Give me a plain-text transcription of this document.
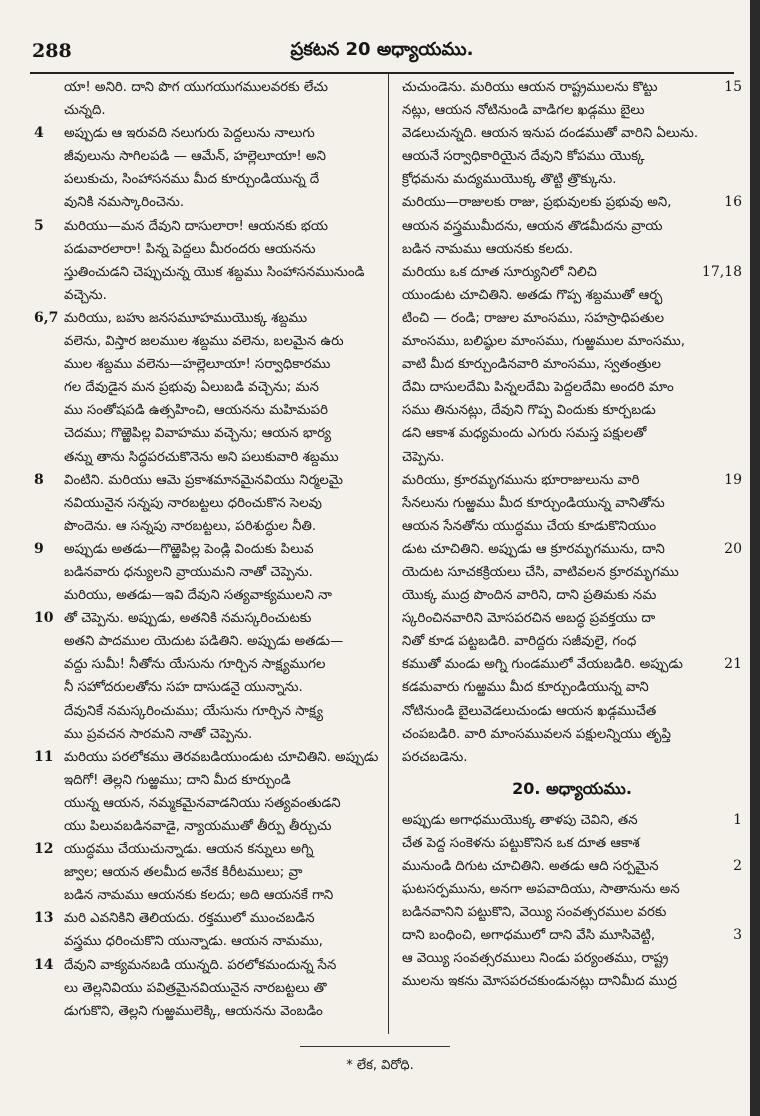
288	ప్రకటన 20 అధ్యాయము.
యా! అనిరి. దాని పొగ యుగయుగములవరకు లేచు
చున్నది.
4	అప్పుడు ఆ ఇరువది నలుగురు పెద్దలును నాలుగు
జీవులును సాగిలపడి — ఆమేన్, హల్లెలూయా! అని
పలుకుచు, సింహాసనము మీద కూర్చుండియున్న దే
వునికి నమస్కారించెను.
5	మరియు—మన దేవుని దాసులారా! ఆయనకు భయ
పడువారలారా! పిన్న పెద్దలు మీరందరు ఆయనను
స్తుతించుడని చెప్పుచున్న యొక శబ్దము సింహాసనమునుండి
వచ్చెను.
6,7 మరియు, బహు జనసమూహముయొక్క శబ్దము
వలెను, విస్తార జలముల శబ్దము వలెను, బలమైన ఉరు
ముల శబ్దము వలెను—హల్లెలూయా! సర్వాధికారము
గల దేవుడైన మన ప్రభువు ఏలుబడి వచ్చెను; మన
ము సంతోషపడి ఉత్సహించి, ఆయనను మహిమపరి
చెదము; గొఱ్ఱెపిల్ల వివాహము వచ్చెను; ఆయన భార్య
తన్ను తాను సిద్ధపరచుకొనెను అని పలుకువారి శబ్దము
8	వింటిని. మరియు ఆమె ప్రకాశమానమైనవియు నిర్మలమై
నవియునైన సన్నపు నారబట్టలు ధరించుకొన సెలవు
పొందెను. ఆ సన్నపు నారబట్టలు, పరిశుద్ధుల నీతి.
9	అప్పుడు అతడు—గొఱ్ఱెపిల్ల పెండ్లి విందుకు పిలువ
బడినవారు ధన్యులని వ్రాయుమని నాతో చెప్పెను.
మరియు, అతడు—ఇవి దేవుని సత్యవాక్యములని నా
10 తో చెప్పెను. అప్పుడు, అతనికి నమస్కరించుటకు
అతని పాదముల యెదుట పడితిని. అప్పుడు అతడు—
వద్దు సుమీ! నీతోను యేసును గూర్చిన సాక్ష్యముగల
నీ సహోదరులతోను సహ దాసుడనై యున్నాను.
దేవునికే నమస్కరించుము; యేసును గూర్చిన సాక్ష్య
ము ప్రవచన సారమని నాతో చెప్పెను.
11 మరియు పరలోకము తెరవబడియుండుట చూచితిని. అప్పుడు
ఇదిగో! తెల్లని గుఱ్ఱము; దాని మీద కూర్చుండి
యున్న ఆయన, నమ్మకమైనవాడనియు సత్యవంతుడని
యు పిలువబడినవాడై, న్యాయముతో తీర్పు తీర్చుచు
12 యుద్ధము చేయుచున్నాడు. ఆయన కన్నులు అగ్ని
జ్వాల; ఆయన తలమీద అనేక కిరీటములు; వ్రా
బడిన నామము ఆయనకు కలదు; అది ఆయనకే గాని
13 మరి ఎవనికిని తెలియదు. రక్తములో ముంచబడిన
వస్త్రము ధరించుకొని యున్నాడు. ఆయన నామము,
14 దేవుని వాక్యమనబడి యున్నది. పరలోకమందున్న సేన
లు తెల్లనివియు పవిత్రమైనవియునైన నారబట్టలు తొ
డుగుకొని, తెల్లని గుఱ్ఱములెక్కి, ఆయనను వెంబడిం
చుచుండెను. మరియు ఆయన రాష్ట్రములను కొట్టు	15
నట్లు, ఆయన నోటినుండి వాడిగల ఖడ్గము బైలు
వెడలుచున్నది. ఆయన ఇనుప దండముతో వారిని ఏలును.
ఆయనే సర్వాధికారియైన దేవుని కోపము యొక్క
క్రోధమను మద్యముయొక్క తొట్టి త్రొక్కును.
మరియు—రాజులకు రాజు, ప్రభువులకు ప్రభువు అని,	16
ఆయన వస్త్రముమీదను, ఆయన తొడమీదను వ్రాయ
బడిన నామము ఆయనకు కలదు.
మరియు ఒక దూత సూర్యునిలో నిలిచి	17,18
యుండుట చూచితిని. అతడు గొప్ప శబ్దముతో ఆర్భ
టించి — రండి; రాజుల మాంసము, సహస్రాధిపతుల
మాంసము, బలిష్ఠుల మాంసము, గుఱ్ఱముల మాంసము,
వాటి మీద కూర్చుండినవారి మాంసము, స్వతంత్రుల
దేమి దాసులదేమి పిన్నలదేమి పెద్దలదేమి అందరి మాం
సము తినునట్లు, దేవుని గొప్ప విందుకు కూర్చబడు
డని ఆకాశ మధ్యమందు ఎగురు సమస్త పక్షులతో
చెప్పెను.
మరియు, క్రూరమృగమును భూరాజులును వారి	19
సేనలును గుఱ్ఱము మీద కూర్చుండియున్న వానితోను
ఆయన సేనతోను యుద్ధము చేయ కూడుకొనియుం
డుట చూచితిని. అప్పుడు ఆ క్రూరమృగమును, దాని	20
యెదుట సూచకక్రియలు చేసి, వాటివలన క్రూరమృగము
యొక్క ముద్ర పొందిన వారిని, దాని ప్రతిమకు నమ
స్కరించినవారిని మోసపరచిన అబద్ధ ప్రవక్తయు దా
నితో కూడ పట్టబడిరి. వారిద్దరు సజీవులై, గంధ
కముతో మండు అగ్ని గుండములో వేయబడిరి. అప్పుడు	21
కడమవారు గుఱ్ఱము మీద కూర్చుండియున్న వాని
నోటినుండి బైలువెడలుచుండు ఆయన ఖడ్గముచేత
చంపబడిరి. వారి మాంసమువలన పక్షులన్నియు తృప్తి
పరచబడెను.
20. అధ్యాయము.
అప్పుడు అగాధముయొక్క తాళపు చెవిని, తన	1
చేత పెద్ద సంకెళను పట్టుకొనిన ఒక దూత ఆకాశ
మునుండి దిగుట చూచితిని. అతడు ఆది సర్పమైన	2
ఘటసర్పమును, అనగా అపవాదియు, సాతానును అన
బడినవానిని పట్టుకొని, వెయ్యి సంవత్సరముల వరకు
దాని బంధించి, అగాధములో దాని వేసి మూసివెట్టి,	3
ఆ వెయ్యి సంవత్సరములు నిండు పర్యంతము, రాష్ట్ర
ములను ఇకను మోసపరచకుండునట్లు దానిమీద ముద్ర
* లేక, విరోధి.
